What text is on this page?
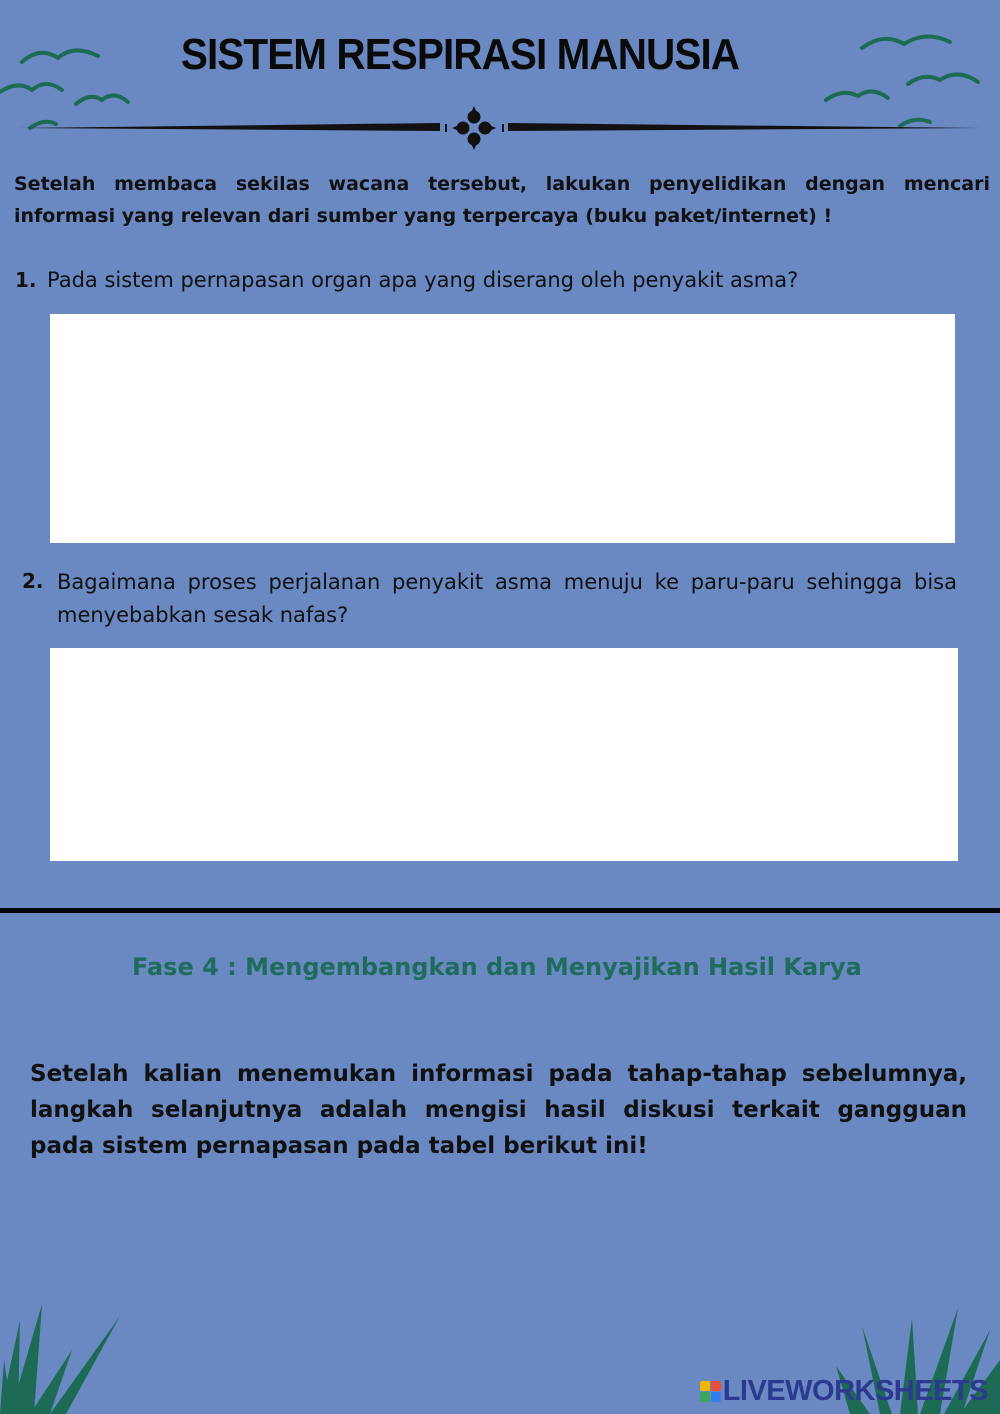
SISTEM RESPIRASI MANUSIA
Setelah membaca sekilas wacana tersebut, lakukan penyelidikan dengan mencari informasi yang relevan dari sumber yang terpercaya (buku paket/internet) !
1. Pada sistem pernapasan organ apa yang diserang oleh penyakit asma?
2. Bagaimana proses perjalanan penyakit asma menuju ke paru-paru sehingga bisa menyebabkan sesak nafas?
Fase 4 : Mengembangkan dan Menyajikan Hasil Karya
Setelah kalian menemukan informasi pada tahap-tahap sebelumnya, langkah selanjutnya adalah mengisi hasil diskusi terkait gangguan pada sistem pernapasan pada tabel berikut ini!
LIVEWORKSHEETS
